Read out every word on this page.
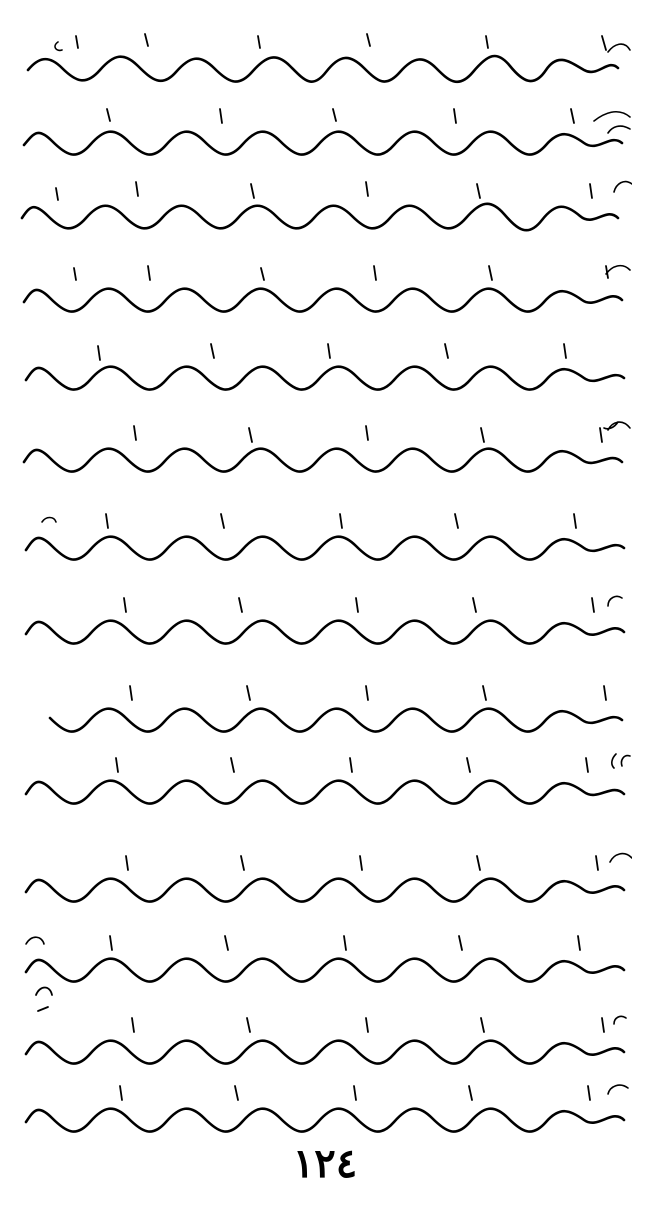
١٢٤
